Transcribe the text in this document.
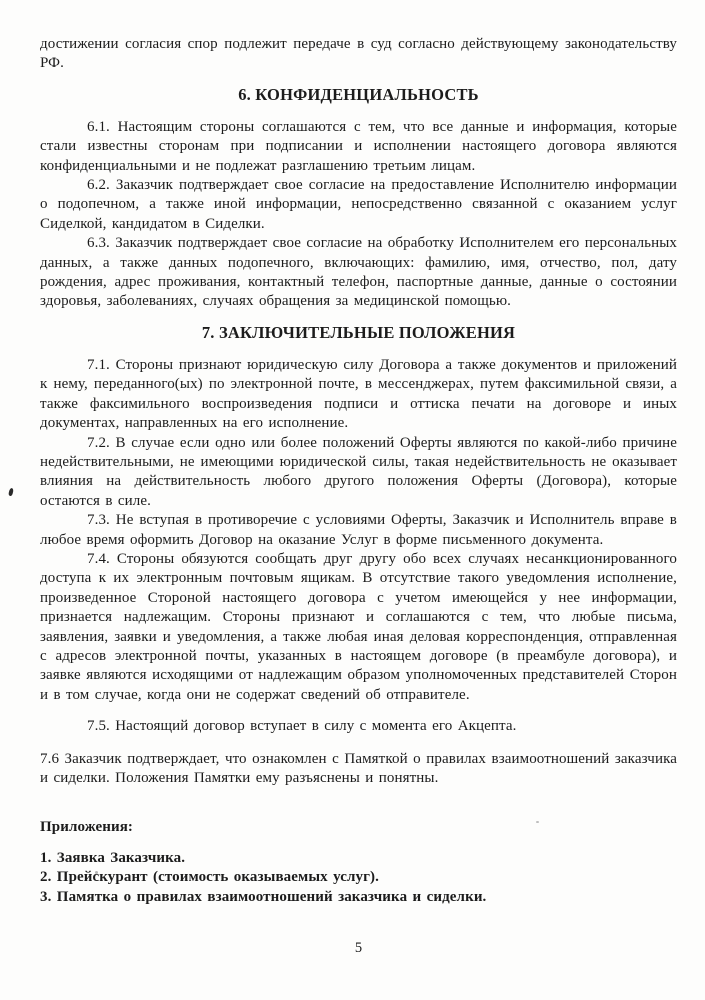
достижении согласия спор подлежит передаче в суд согласно действующему законодательству РФ.

6. КОНФИДЕНЦИАЛЬНОСТЬ

6.1. Настоящим стороны соглашаются с тем, что все данные и информация, которые стали известны сторонам при подписании и исполнении настоящего договора являются конфиденциальными и не подлежат разглашению третьим лицам.

6.2. Заказчик подтверждает свое согласие на предоставление Исполнителю информации о подопечном, а также иной информации, непосредственно связанной с оказанием услуг Сиделкой, кандидатом в Сиделки.

6.3. Заказчик подтверждает свое согласие на обработку Исполнителем его персональных данных, а также данных подопечного, включающих: фамилию, имя, отчество, пол, дату рождения, адрес проживания, контактный телефон, паспортные данные, данные о состоянии здоровья, заболеваниях, случаях обращения за медицинской помощью.

7. ЗАКЛЮЧИТЕЛЬНЫЕ ПОЛОЖЕНИЯ

7.1. Стороны признают юридическую силу Договора а также документов и приложений к нему, переданного(ых) по электронной почте, в мессенджерах, путем факсимильной связи, а также факсимильного воспроизведения подписи и оттиска печати на договоре и иных документах, направленных на его исполнение.

7.2. В случае если одно или более положений Оферты являются по какой-либо причине недействительными, не имеющими юридической силы, такая недействительность не оказывает влияния на действительность любого другого положения Оферты (Договора), которые остаются в силе.

7.3. Не вступая в противоречие с условиями Оферты, Заказчик и Исполнитель вправе в любое время оформить Договор на оказание Услуг в форме письменного документа.

7.4. Стороны обязуются сообщать друг другу обо всех случаях несанкционированного доступа к их электронным почтовым ящикам. В отсутствие такого уведомления исполнение, произведенное Стороной настоящего договора с учетом имеющейся у нее информации, признается надлежащим. Стороны признают и соглашаются с тем, что любые письма, заявления, заявки и уведомления, а также любая иная деловая корреспонденция, отправленная с адресов электронной почты, указанных в настоящем договоре (в преамбуле договора), и заявке являются исходящими от надлежащим образом уполномоченных представителей Сторон и в том случае, когда они не содержат сведений об отправителе.

7.5. Настоящий договор вступает в силу с момента его Акцепта.

7.6 Заказчик подтверждает, что ознакомлен с Памяткой о правилах взаимоотношений заказчика и сиделки. Положения Памятки ему разъяснены и понятны.

Приложения:

1. Заявка Заказчика.

2. Прейскурант (стоимость оказываемых услуг).

3. Памятка о правилах взаимоотношений заказчика и сиделки.

5
